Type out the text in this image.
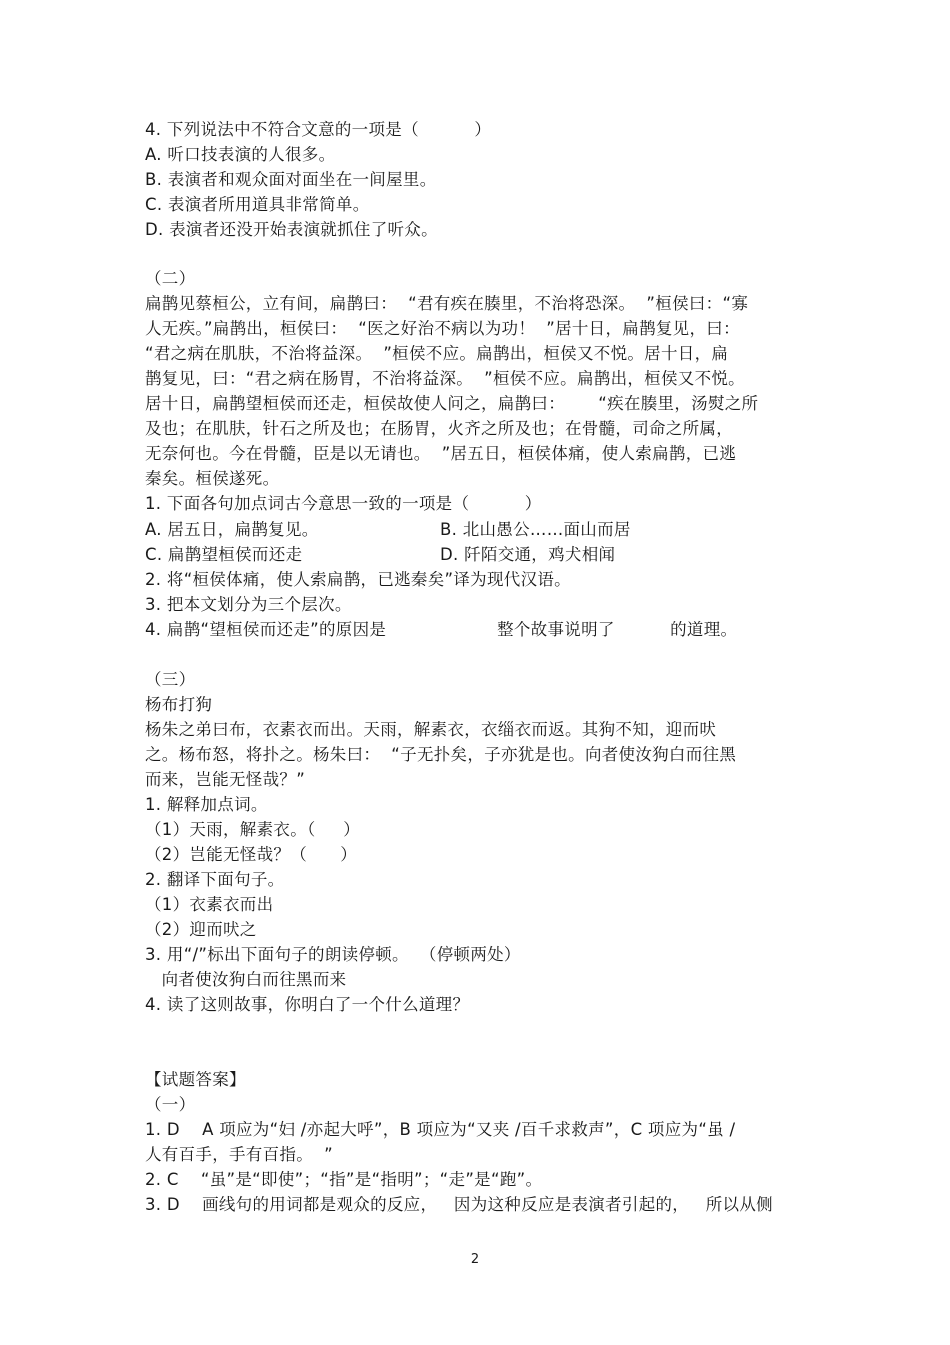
4. 下列说法中不符合文意的一项是（          ）
A. 听口技表演的人很多。
B. 表演者和观众面对面坐在一间屋里。
C. 表演者所用道具非常简单。
D. 表演者还没开始表演就抓住了听众。
（二）
扁鹊见蔡桓公，立有间，扁鹊曰：  “君有疾在腠里，不治将恐深。  ”桓侯曰：“寡
人无疾。”扁鹊出，桓侯曰：  “医之好治不病以为功！  ”居十日，扁鹊复见，曰：
“君之病在肌肤，不治将益深。  ”桓侯不应。扁鹊出，桓侯又不悦。居十日，扁
鹊复见，曰：“君之病在肠胃，不治将益深。  ”桓侯不应。扁鹊出，桓侯又不悦。
居十日，扁鹊望桓侯而还走，桓侯故使人问之，扁鹊曰：      “疾在腠里，汤熨之所
及也；在肌肤，针石之所及也；在肠胃，火齐之所及也；在骨髓，司命之所属，
无奈何也。今在骨髓，臣是以无请也。  ”居五日，桓侯体痛，使人索扁鹊，已逃
秦矣。桓侯遂死。
1. 下面各句加点词古今意思一致的一项是（          ）
A. 居五日，扁鹊复见。	B. 北山愚公……面山而居
C. 扁鹊望桓侯而还走	D. 阡陌交通，鸡犬相闻
2. 将“桓侯体痛，使人索扁鹊，已逃秦矣”译为现代汉语。
3. 把本文划分为三个层次。
4. 扁鹊“望桓侯而还走”的原因是                    整个故事说明了          的道理。
（三）
杨布打狗
杨朱之弟曰布，衣素衣而出。天雨，解素衣，衣缁衣而返。其狗不知，迎而吠
之。杨布怒，将扑之。杨朱曰：  “子无扑矣，子亦犹是也。向者使汝狗白而往黑
而来，岂能无怪哉？”
1. 解释加点词。
（1）天雨，解素衣。（     ）
（2）岂能无怪哉？（      ）
2. 翻译下面句子。
（1）衣素衣而出
（2）迎而吠之
3. 用“/”标出下面句子的朗读停顿。  （停顿两处）
向者使汝狗白而往黑而来
4. 读了这则故事，你明白了一个什么道理？
【试题答案】
（一）
1. D    A 项应为“妇 /亦起大呼”，B 项应为“又夹 /百千求救声”，C 项应为“虽 /
人有百手，手有百指。  ”
2. C    “虽”是“即使”；“指”是“指明”；“走”是“跑”。
3. D    画线句的用词都是观众的反应，   因为这种反应是表演者引起的，   所以从侧
2
